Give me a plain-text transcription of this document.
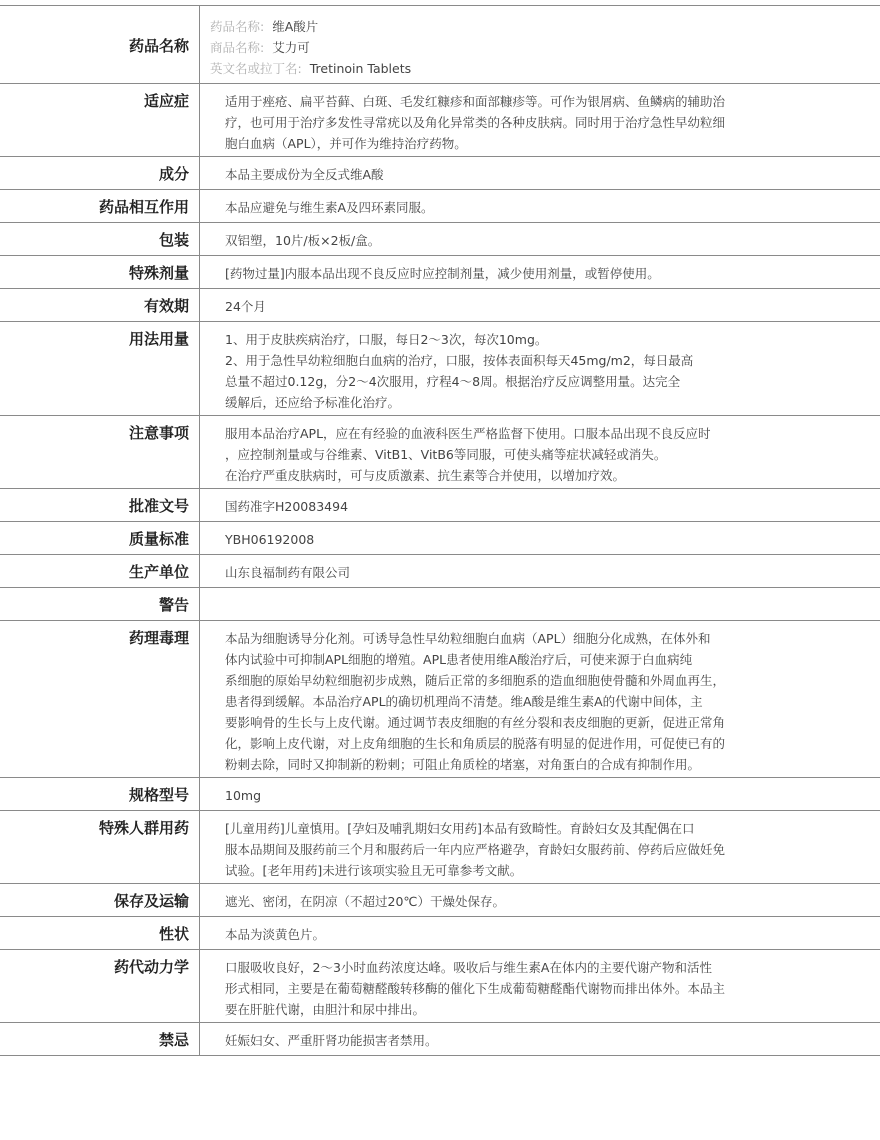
药品名称
药品名称: 维A酸片
商品名称: 艾力可
英文名或拉丁名: Tretinoin Tablets
适应症	适用于痤疮、扁平苔藓、白斑、毛发红糠疹和面部糠疹等。可作为银屑病、鱼鳞病的辅助治
疗，也可用于治疗多发性寻常疣以及角化异常类的各种皮肤病。同时用于治疗急性早幼粒细
胞白血病（APL），并可作为维持治疗药物。
成分	本品主要成份为全反式维A酸
药品相互作用	本品应避免与维生素A及四环素同服。
包装	双铝塑，10片/板×2板/盒。
特殊剂量	[药物过量]内服本品出现不良反应时应控制剂量，减少使用剂量，或暂停使用。
有效期	24个月
用法用量	1、用于皮肤疾病治疗，口服，每日2～3次，每次10mg。
2、用于急性早幼粒细胞白血病的治疗，口服，按体表面积每天45mg/m2，每日最高
总量不超过0.12g，分2～4次服用，疗程4～8周。根据治疗反应调整用量。达完全
缓解后，还应给予标准化治疗。
注意事项	服用本品治疗APL，应在有经验的血液科医生严格监督下使用。口服本品出现不良反应时
，应控制剂量或与谷维素、VitB1、VitB6等同服，可使头痛等症状减轻或消失。
在治疗严重皮肤病时，可与皮质激素、抗生素等合并使用，以增加疗效。
批准文号	国药准字H20083494
质量标准	YBH06192008
生产单位	山东良福制药有限公司
警告
药理毒理	本品为细胞诱导分化剂。可诱导急性早幼粒细胞白血病（APL）细胞分化成熟，在体外和
体内试验中可抑制APL细胞的增殖。APL患者使用维A酸治疗后，可使来源于白血病纯
系细胞的原始早幼粒细胞初步成熟，随后正常的多细胞系的造血细胞使骨髓和外周血再生，
患者得到缓解。本品治疗APL的确切机理尚不清楚。维A酸是维生素A的代谢中间体，主
要影响骨的生长与上皮代谢。通过调节表皮细胞的有丝分裂和表皮细胞的更新，促进正常角
化，影响上皮代谢，对上皮角细胞的生长和角质层的脱落有明显的促进作用，可促使已有的
粉刺去除，同时又抑制新的粉刺；可阻止角质栓的堵塞，对角蛋白的合成有抑制作用。
规格型号	10mg
特殊人群用药	[儿童用药]儿童慎用。[孕妇及哺乳期妇女用药]本品有致畸性。育龄妇女及其配偶在口
服本品期间及服药前三个月和服药后一年内应严格避孕，育龄妇女服药前、停药后应做妊免
试验。[老年用药]未进行该项实验且无可靠参考文献。
保存及运输	遮光、密闭，在阴凉（不超过20℃）干燥处保存。
性状	本品为淡黄色片。
药代动力学	口服吸收良好，2～3小时血药浓度达峰。吸收后与维生素A在体内的主要代谢产物和活性
形式相同，主要是在葡萄糖醛酸转移酶的催化下生成葡萄糖醛酯代谢物而排出体外。本品主
要在肝脏代谢，由胆汁和尿中排出。
禁忌	妊娠妇女、严重肝肾功能损害者禁用。
